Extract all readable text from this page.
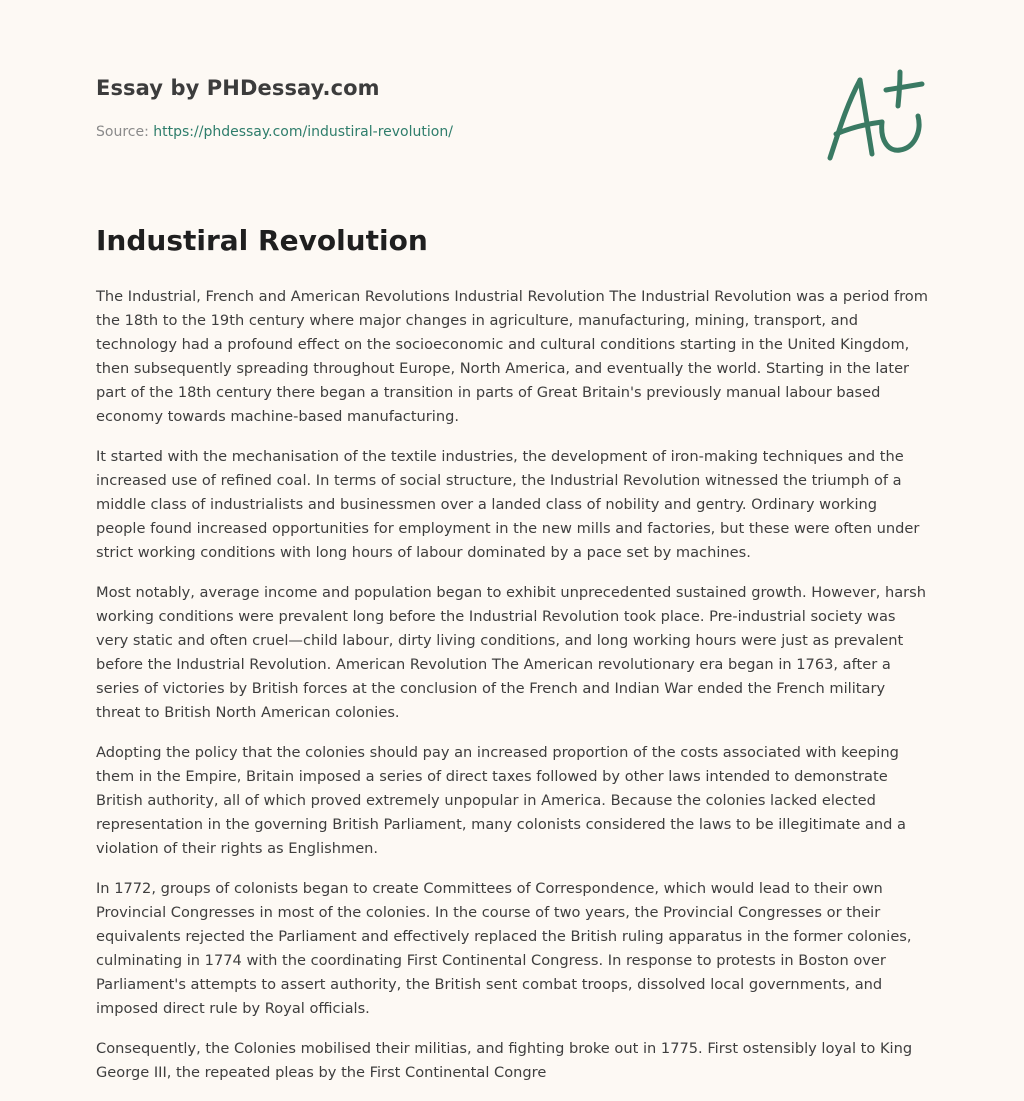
Essay by PHDessay.com
Source: https://phdessay.com/industiral-revolution/
Industiral Revolution

The Industrial, French and American Revolutions Industrial Revolution The Industrial Revolution was a period from the 18th to the 19th century where major changes in agriculture, manufacturing, mining, transport, and technology had a profound effect on the socioeconomic and cultural conditions starting in the United Kingdom, then subsequently spreading throughout Europe, North America, and eventually the world. Starting in the later part of the 18th century there began a transition in parts of Great Britain's previously manual labour based economy towards machine-based manufacturing.

It started with the mechanisation of the textile industries, the development of iron-making techniques and the increased use of refined coal. In terms of social structure, the Industrial Revolution witnessed the triumph of a middle class of industrialists and businessmen over a landed class of nobility and gentry. Ordinary working people found increased opportunities for employment in the new mills and factories, but these were often under strict working conditions with long hours of labour dominated by a pace set by machines.

Most notably, average income and population began to exhibit unprecedented sustained growth. However, harsh working conditions were prevalent long before the Industrial Revolution took place. Pre-industrial society was very static and often cruel—child labour, dirty living conditions, and long working hours were just as prevalent before the Industrial Revolution. American Revolution The American revolutionary era began in 1763, after a series of victories by British forces at the conclusion of the French and Indian War ended the French military threat to British North American colonies.

Adopting the policy that the colonies should pay an increased proportion of the costs associated with keeping them in the Empire, Britain imposed a series of direct taxes followed by other laws intended to demonstrate British authority, all of which proved extremely unpopular in America. Because the colonies lacked elected representation in the governing British Parliament, many colonists considered the laws to be illegitimate and a violation of their rights as Englishmen.

In 1772, groups of colonists began to create Committees of Correspondence, which would lead to their own Provincial Congresses in most of the colonies. In the course of two years, the Provincial Congresses or their equivalents rejected the Parliament and effectively replaced the British ruling apparatus in the former colonies, culminating in 1774 with the coordinating First Continental Congress. In response to protests in Boston over Parliament's attempts to assert authority, the British sent combat troops, dissolved local governments, and imposed direct rule by Royal officials.

Consequently, the Colonies mobilised their militias, and fighting broke out in 1775. First ostensibly loyal to King George III, the repeated pleas by the First Continental Congre
